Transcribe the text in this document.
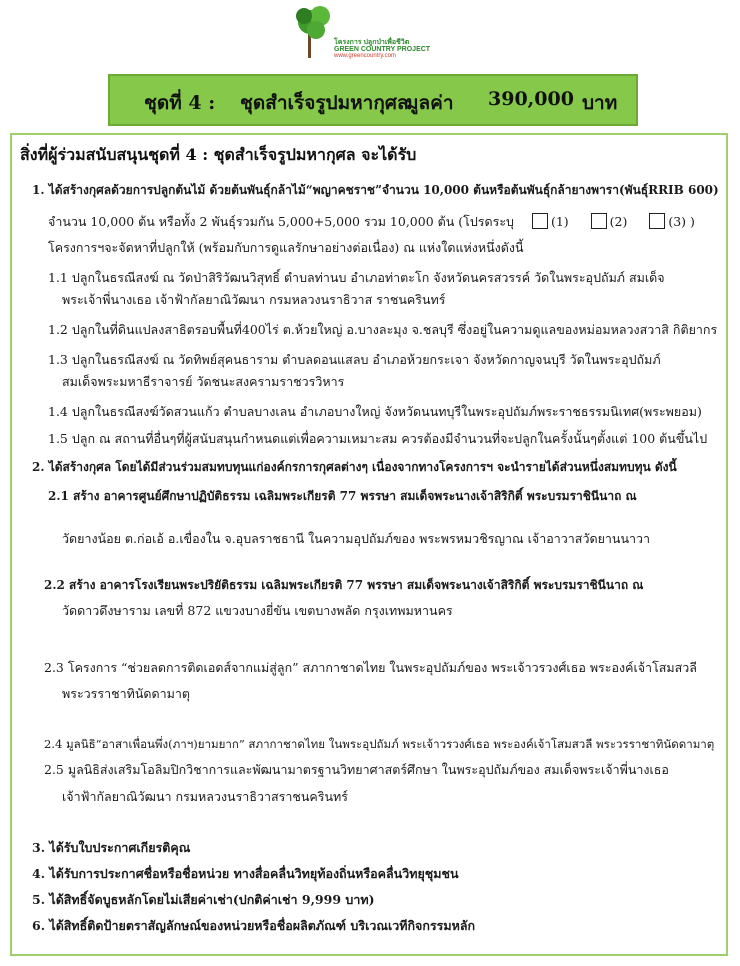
โครงการ ปลูกป่าเพื่อชีวิต
GREEN COUNTRY PROJECT
www.greencountry.com
ชุดที่ 4 : ชุดสำเร็จรูปมหากุศล
มูลค่า 390,000 บาท
สิ่งที่ผู้ร่วมสนับสนุนชุดที่ 4 : ชุดสำเร็จรูปมหากุศล จะได้รับ
1. ได้สร้างกุศลด้วยการปลูกต้นไม้ ด้วยต้นพันธุ์กล้าไม้“พญาคชราช”จำนวน 10,000 ต้นหรือต้นพันธุ์กล้ายางพารา(พันธุ์RRIB 600)
จำนวน 10,000 ต้น หรือทั้ง 2 พันธุ์รวมกัน 5,000+5,000 รวม 10,000 ต้น (โปรดระบุ	(1)	(2)	(3) )
โครงการฯจะจัดหาที่ปลูกให้ (พร้อมกับการดูแลรักษาอย่างต่อเนื่อง) ณ แห่งใดแห่งหนึ่งดังนี้
1.1 ปลูกในธรณีสงฆ์ ณ วัดป่าสิริวัฒนวิสุทธิ์ ตำบลท่านบ อำเภอท่าตะโก จังหวัดนครสวรรค์ วัดในพระอุปถัมภ์ สมเด็จ
พระเจ้าพี่นางเธอ เจ้าฟ้ากัลยาณิวัฒนา กรมหลวงนราธิวาส ราชนครินทร์
1.2 ปลูกในที่ดินแปลงสาธิตรอบพื้นที่400ไร่ ต.ห้วยใหญ่ อ.บางละมุง จ.ชลบุรี ซึ่งอยู่ในความดูแลของหม่อมหลวงสวาสิ กิติยากร
1.3 ปลูกในธรณีสงฆ์ ณ วัดทิพย์สุคนธาราม ตำบลดอนแสลบ อำเภอห้วยกระเจา จังหวัดกาญจนบุรี วัดในพระอุปถัมภ์
สมเด็จพระมหาธีราจารย์ วัดชนะสงครามราชวรวิหาร
1.4 ปลูกในธรณีสงฆ์วัดสวนแก้ว ตำบลบางเลน อำเภอบางใหญ่ จังหวัดนนทบุรีในพระอุปถัมภ์พระราชธรรมนิเทศ(พระพยอม)
1.5 ปลูก ณ สถานที่อื่นๆที่ผู้สนับสนุนกำหนดแต่เพื่อความเหมาะสม ควรต้องมีจำนวนที่จะปลูกในครั้งนั้นๆตั้งแต่ 100 ต้นขึ้นไป
2. ได้สร้างกุศล โดยได้มีส่วนร่วมสมทบทุนแก่องค์กรการกุศลต่างๆ เนื่องจากทางโครงการฯ จะนำรายได้ส่วนหนึ่งสมทบทุน ดังนี้
2.1 สร้าง อาคารศูนย์ศึกษาปฏิบัติธรรม เฉลิมพระเกียรติ 77 พรรษา สมเด็จพระนางเจ้าสิริกิติ์ พระบรมราชินีนาถ ณ
วัดยางน้อย ต.ก่อเอ้ อ.เขื่องใน จ.อุบลราชธานี ในความอุปถัมภ์ของ พระพรหมวชิรญาณ เจ้าอาวาสวัดยานนาวา
2.2 สร้าง อาคารโรงเรียนพระปริยัติธรรม เฉลิมพระเกียรติ 77 พรรษา สมเด็จพระนางเจ้าสิริกิติ์ พระบรมราชินีนาถ ณ
วัดดาวดึงษาราม เลขที่ 872 แขวงบางยี่ขัน เขตบางพลัด กรุงเทพมหานคร
2.3 โครงการ “ช่วยลดการติดเอดส์จากแม่สู่ลูก” สภากาชาดไทย ในพระอุปถัมภ์ของ พระเจ้าวรวงศ์เธอ พระองค์เจ้าโสมสวลี
พระวรราชาทินัดดามาตุ
2.4 มูลนิธิ“อาสาเพื่อนพึ่ง(ภาฯ)ยามยาก” สภากาชาดไทย ในพระอุปถัมภ์ พระเจ้าวรวงศ์เธอ พระองค์เจ้าโสมสวลี พระวรราชาทินัดดามาตุ
2.5 มูลนิธิส่งเสริมโอลิมปิกวิชาการและพัฒนามาตรฐานวิทยาศาสตร์ศึกษา ในพระอุปถัมภ์ของ สมเด็จพระเจ้าพี่นางเธอ
เจ้าฟ้ากัลยาณิวัฒนา กรมหลวงนราธิวาสราชนครินทร์
3. ได้รับใบประกาศเกียรติคุณ
4. ได้รับการประกาศชื่อหรือชื่อหน่วย ทางสื่อคลื่นวิทยุท้องถิ่นหรือคลื่นวิทยุชุมชน
5. ได้สิทธิ์จัดบูธหลักโดยไม่เสียค่าเช่า(ปกติค่าเช่า 9,999 บาท)
6. ได้สิทธิ์ติดป้ายตราสัญลักษณ์ของหน่วยหรือชื่อผลิตภัณฑ์ บริเวณเวทีกิจกรรมหลัก
